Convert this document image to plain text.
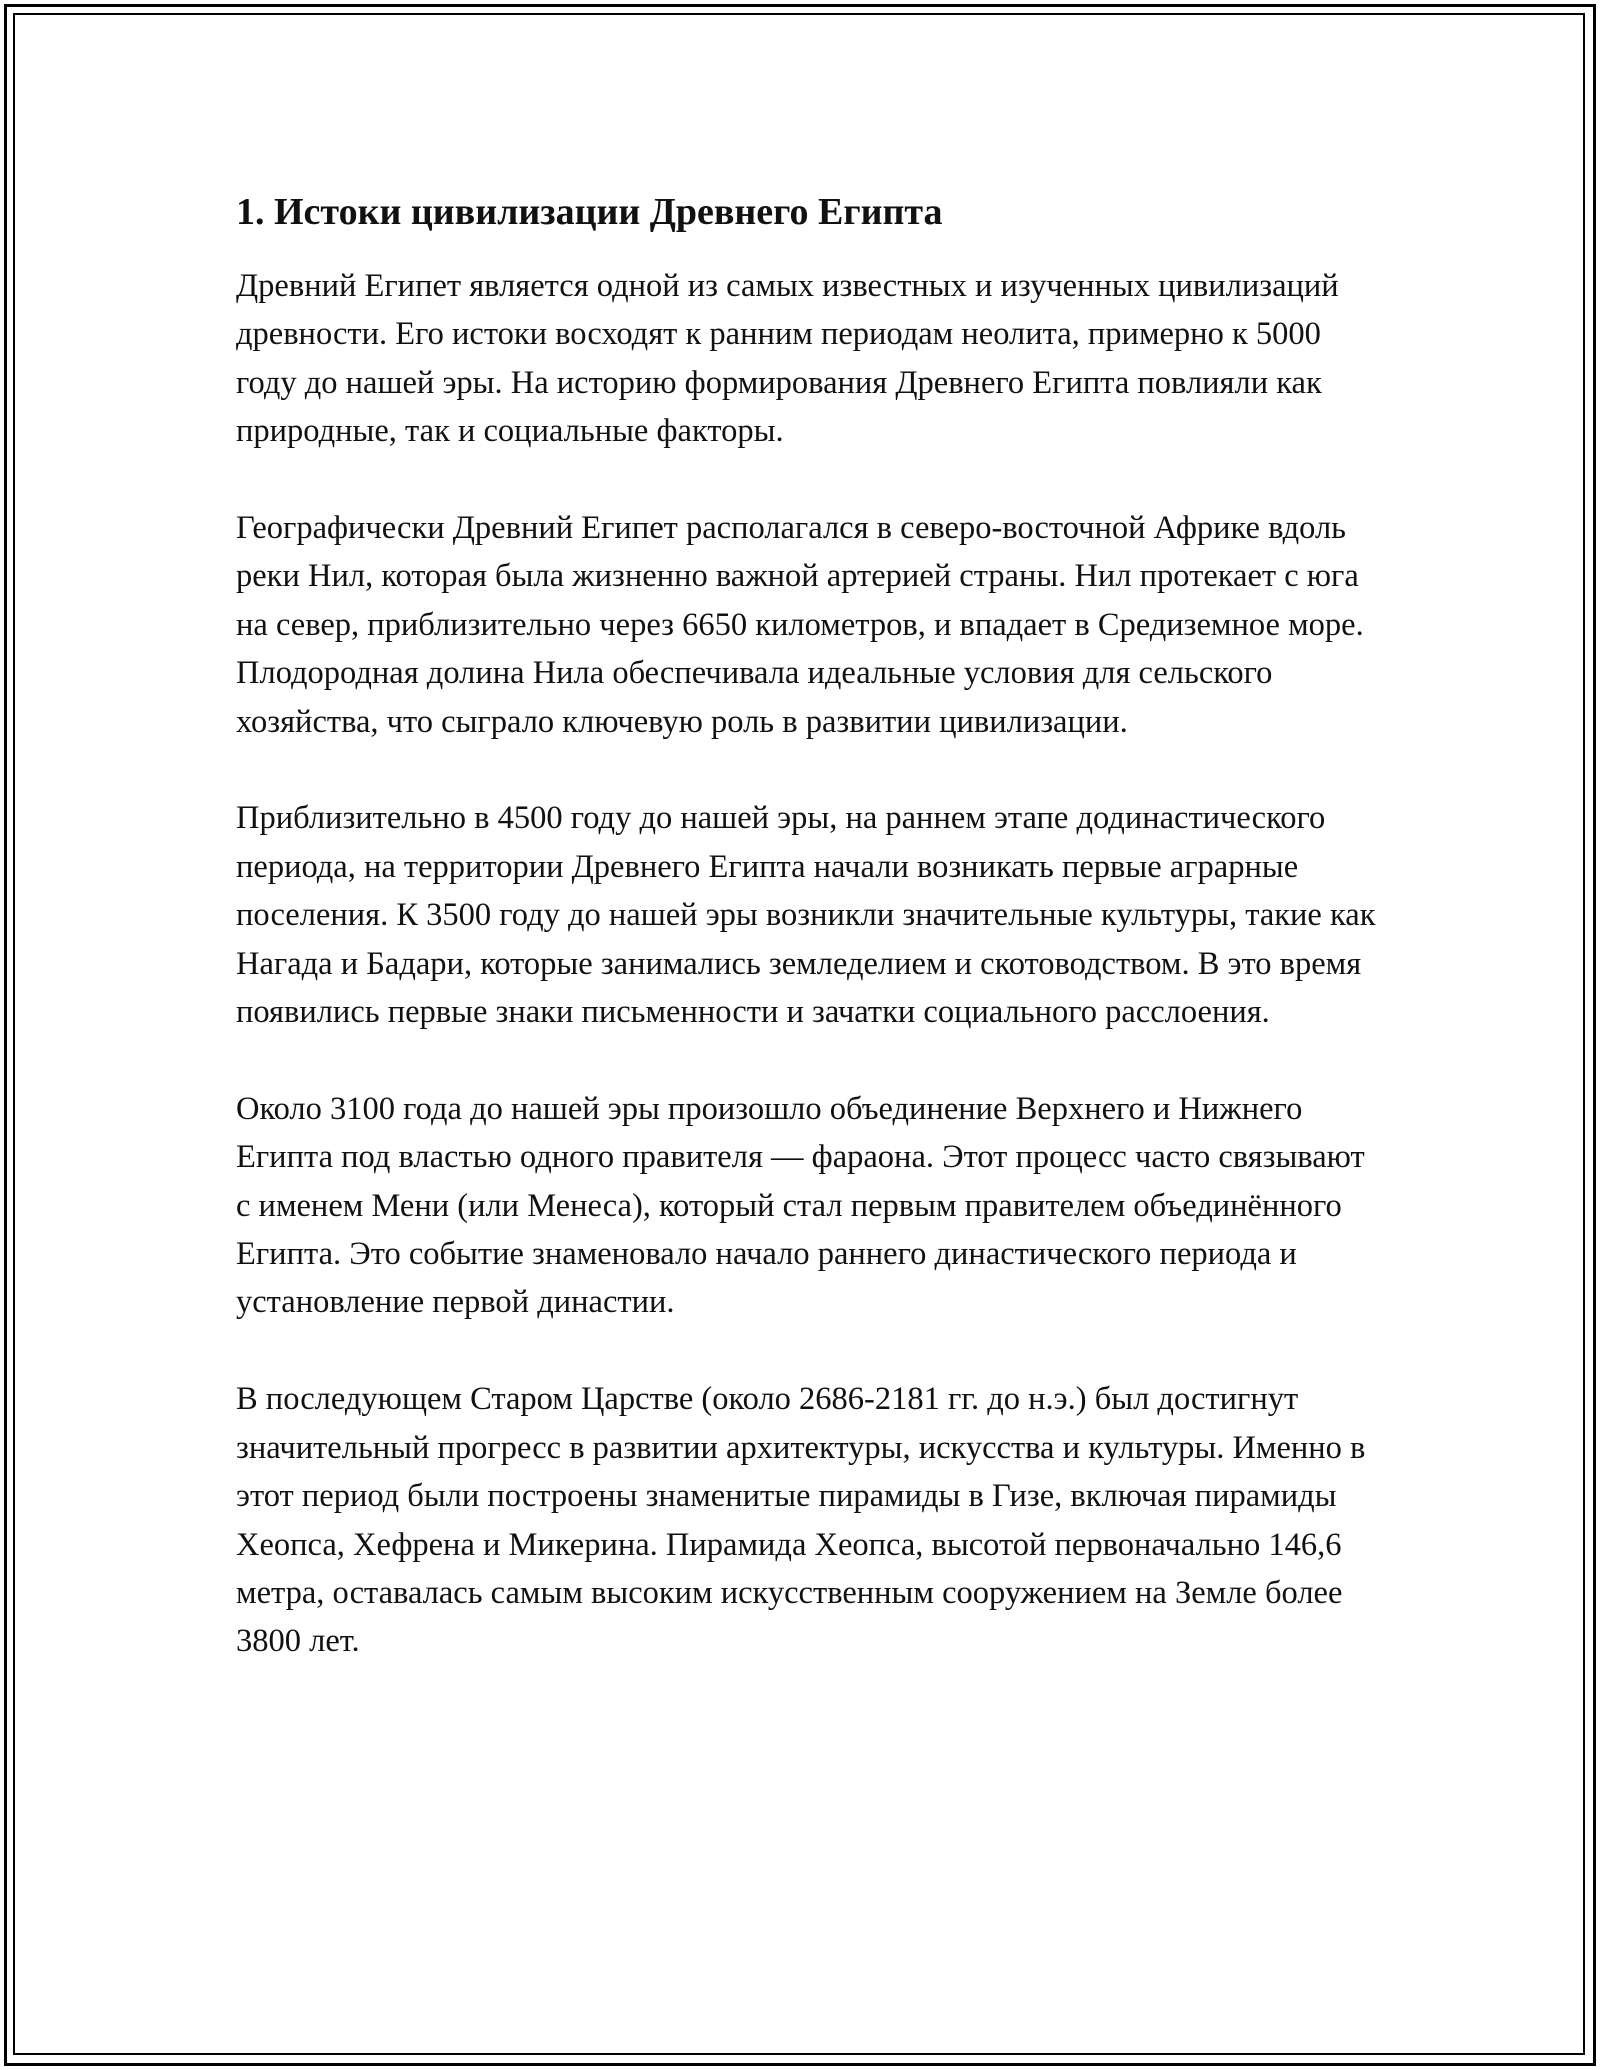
1. Истоки цивилизации Древнего Египта

Древний Египет является одной из самых известных и изученных цивилизаций древности. Его истоки восходят к ранним периодам неолита, примерно к 5000 году до нашей эры. На историю формирования Древнего Египта повлияли как природные, так и социальные факторы.

Географически Древний Египет располагался в северо-восточной Африке вдоль реки Нил, которая была жизненно важной артерией страны. Нил протекает с юга на север, приблизительно через 6650 километров, и впадает в Средиземное море. Плодородная долина Нила обеспечивала идеальные условия для сельского хозяйства, что сыграло ключевую роль в развитии цивилизации.

Приблизительно в 4500 году до нашей эры, на раннем этапе додинастического периода, на территории Древнего Египта начали возникать первые аграрные поселения. К 3500 году до нашей эры возникли значительные культуры, такие как Нагада и Бадари, которые занимались земледелием и скотоводством. В это время появились первые знаки письменности и зачатки социального расслоения.

Около 3100 года до нашей эры произошло объединение Верхнего и Нижнего Египта под властью одного правителя — фараона. Этот процесс часто связывают с именем Мени (или Менеса), который стал первым правителем объединённого Египта. Это событие знаменовало начало раннего династического периода и установление первой династии.

В последующем Старом Царстве (около 2686-2181 гг. до н.э.) был достигнут значительный прогресс в развитии архитектуры, искусства и культуры. Именно в этот период были построены знаменитые пирамиды в Гизе, включая пирамиды Хеопса, Хефрена и Микерина. Пирамида Хеопса, высотой первоначально 146,6 метра, оставалась самым высоким искусственным сооружением на Земле более 3800 лет.
